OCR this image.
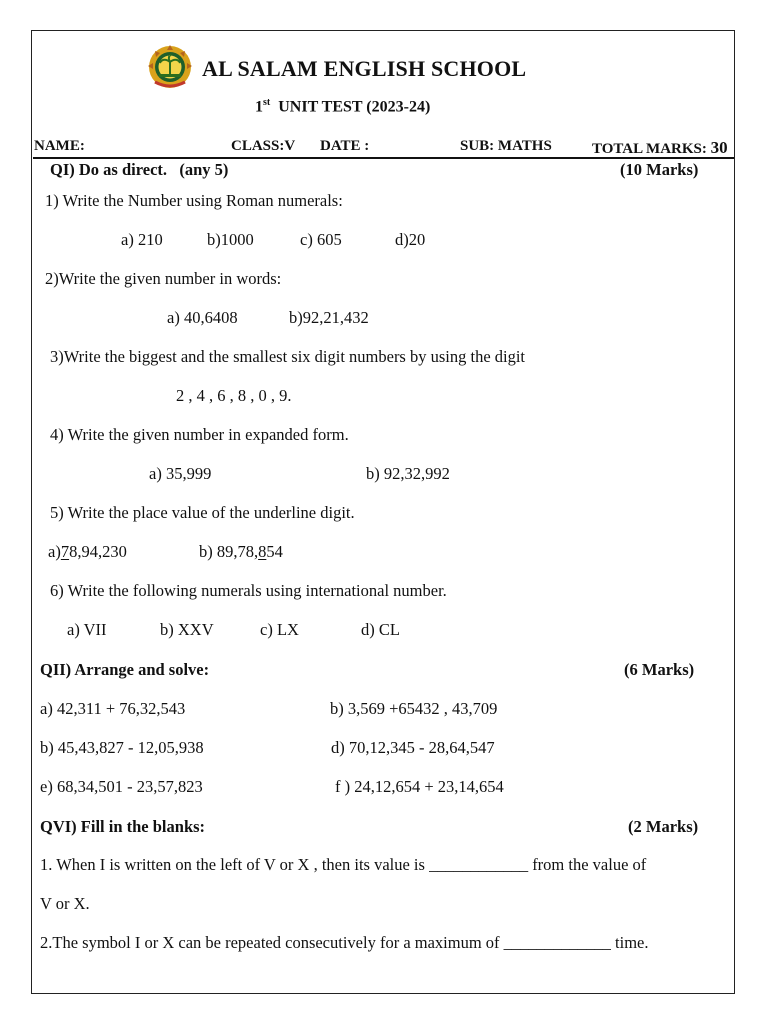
AL SALAM ENGLISH SCHOOL
1st UNIT TEST (2023-24)
NAME:	CLASS:V DATE :	SUB: MATHS	TOTAL MARKS: 30
QI) Do as direct.   (any 5)	(10 Marks)
1) Write the Number using Roman numerals:
a) 210	b)1000	c) 605	d)20
2)Write the given number in words:
a) 40,6408	b)92,21,432
3)Write the biggest and the smallest six digit numbers by using the digit
2 , 4 , 6 , 8 , 0 , 9.
4) Write the given number in expanded form.
a) 35,999	b) 92,32,992
5) Write the place value of the underline digit.
a)78,94,230	b) 89,78,854
6) Write the following numerals using international number.
a) VII	b) XXV	c) LX	d) CL
QII) Arrange and solve:	(6 Marks)
a) 42,311 + 76,32,543	b) 3,569 +65432 , 43,709
b) 45,43,827 - 12,05,938	d) 70,12,345 - 28,64,547
e) 68,34,501 - 23,57,823	f ) 24,12,654 + 23,14,654
QVI) Fill in the blanks:	(2 Marks)
1. When I is written on the left of V or X , then its value is ____________ from the value of
V or X.
2.The symbol I or X can be repeated consecutively for a maximum of _____________ time.
